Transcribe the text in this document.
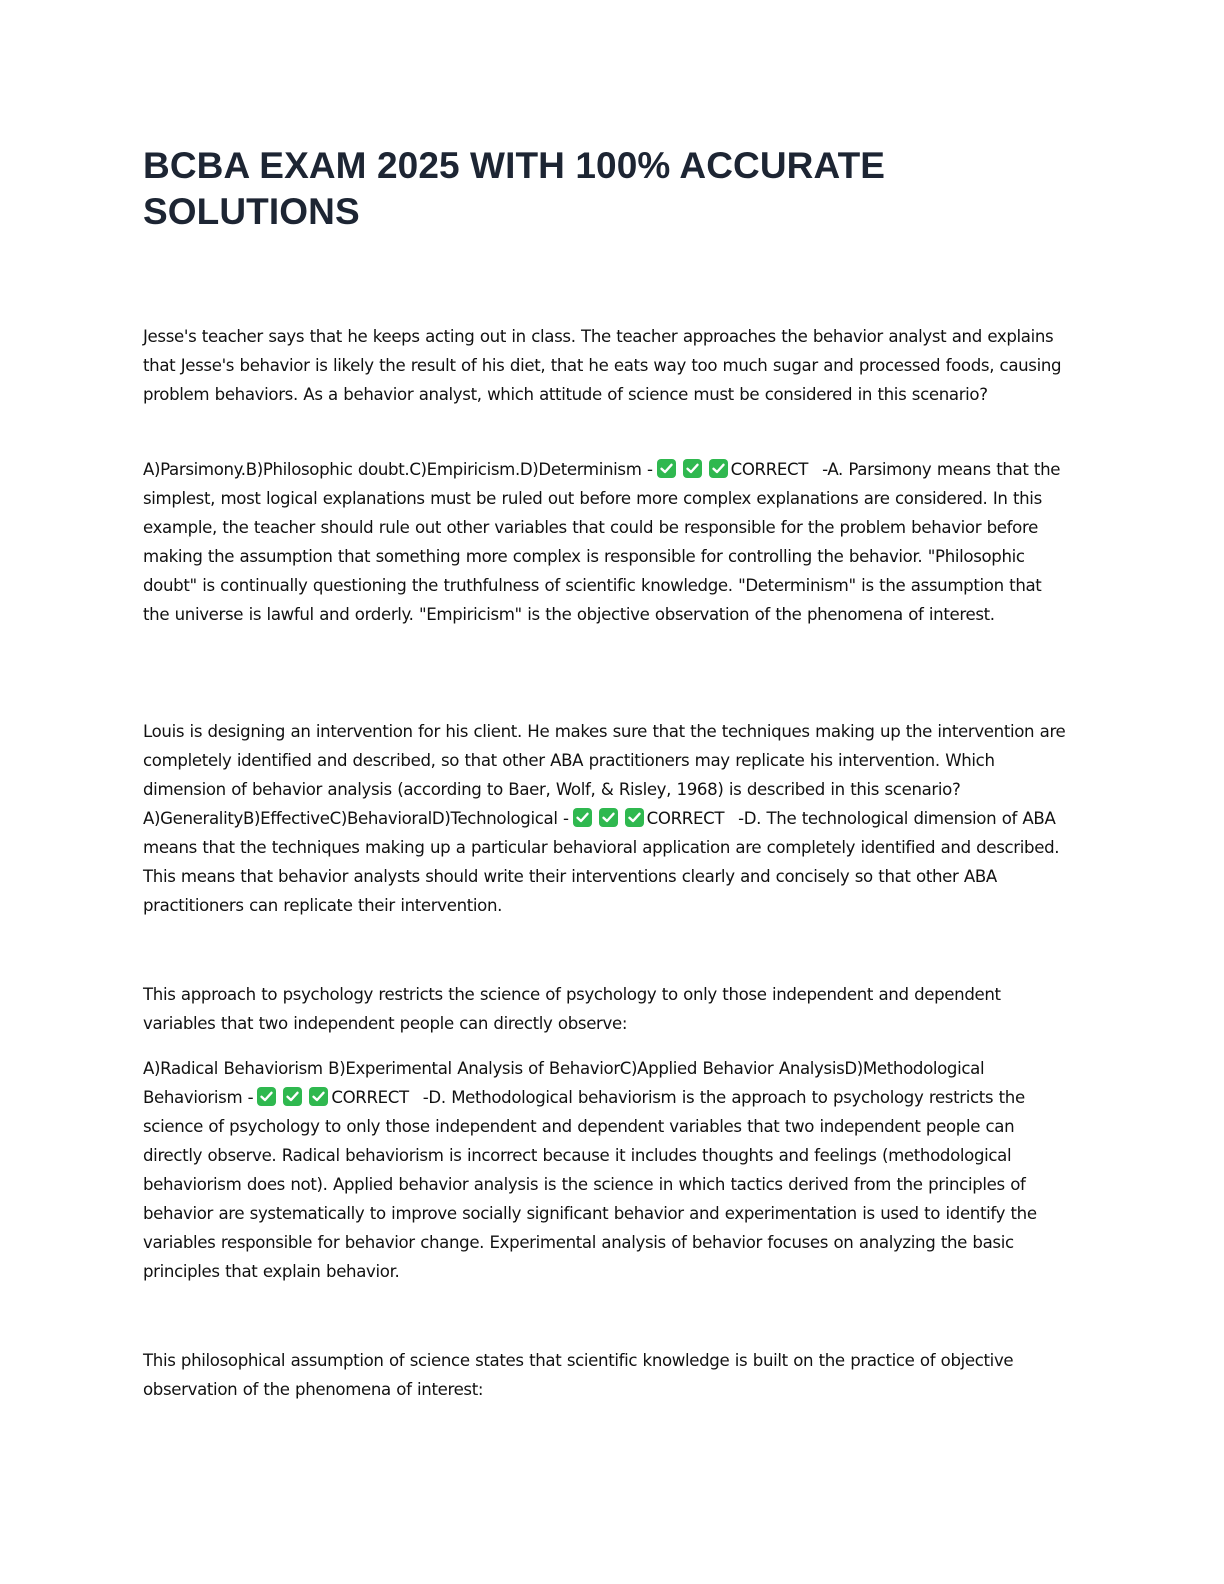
BCBA EXAM 2025 WITH 100% ACCURATE SOLUTIONS

Jesse's teacher says that he keeps acting out in class. The teacher approaches the behavior analyst and explains that Jesse's behavior is likely the result of his diet, that he eats way too much sugar and processed foods, causing problem behaviors. As a behavior analyst, which attitude of science must be considered in this scenario?

A)Parsimony.B)Philosophic doubt.C)Empiricism.D)Determinism -	CORRECT -A. Parsimony means that the simplest, most logical explanations must be ruled out before more complex explanations are considered. In this example, the teacher should rule out other variables that could be responsible for the problem behavior before making the assumption that something more complex is responsible for controlling the behavior. "Philosophic doubt" is continually questioning the truthfulness of scientific knowledge. "Determinism" is the assumption that the universe is lawful and orderly. "Empiricism" is the objective observation of the phenomena of interest.

Louis is designing an intervention for his client. He makes sure that the techniques making up the intervention are completely identified and described, so that other ABA practitioners may replicate his intervention. Which dimension of behavior analysis (according to Baer, Wolf, & Risley, 1968) is described in this scenario? A)GeneralityB)EffectiveC)BehavioralD)Technological -	CORRECT -D. The technological dimension of ABA means that the techniques making up a particular behavioral application are completely identified and described. This means that behavior analysts should write their interventions clearly and concisely so that other ABA practitioners can replicate their intervention.

This approach to psychology restricts the science of psychology to only those independent and dependent variables that two independent people can directly observe:

A)Radical Behaviorism B)Experimental Analysis of BehaviorC)Applied Behavior AnalysisD)Methodological Behaviorism -	CORRECT -D. Methodological behaviorism is the approach to psychology restricts the science of psychology to only those independent and dependent variables that two independent people can directly observe. Radical behaviorism is incorrect because it includes thoughts and feelings (methodological behaviorism does not). Applied behavior analysis is the science in which tactics derived from the principles of behavior are systematically to improve socially significant behavior and experimentation is used to identify the variables responsible for behavior change. Experimental analysis of behavior focuses on analyzing the basic principles that explain behavior.

This philosophical assumption of science states that scientific knowledge is built on the practice of objective observation of the phenomena of interest:
